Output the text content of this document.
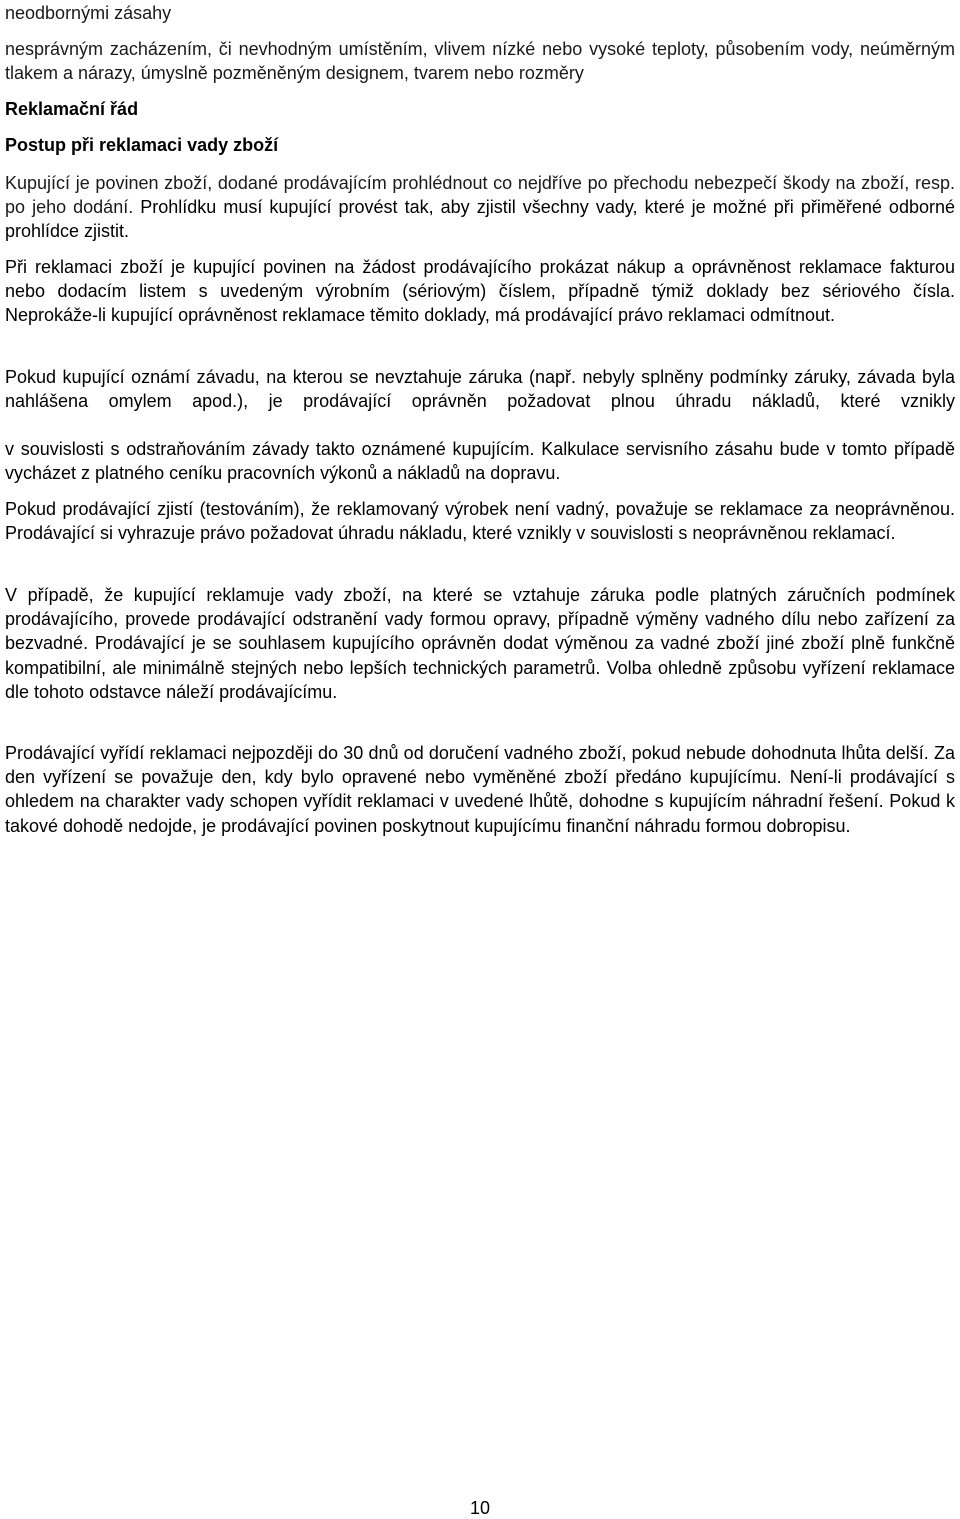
neodbornými zásahy

nesprávným zacházením, či nevhodným umístěním, vlivem nízké nebo vysoké teploty, působením vody, neúměrným tlakem a nárazy, úmyslně pozměněným designem, tvarem nebo rozměry

Reklamační řád

Postup při reklamaci vady zboží

Kupující je povinen zboží, dodané prodávajícím prohlédnout co nejdříve po přechodu nebezpečí škody na zboží, resp. po jeho dodání. Prohlídku musí kupující provést tak, aby zjistil všechny vady, které je možné při přiměřené odborné prohlídce zjistit.

Při reklamaci zboží je kupující povinen na žádost prodávajícího prokázat nákup a oprávněnost reklamace fakturou nebo dodacím listem s uvedeným výrobním (sériovým) číslem, případně týmiž doklady bez sériového čísla. Neprokáže-li kupující oprávněnost reklamace těmito doklady, má prodávající právo reklamaci odmítnout.

Pokud kupující oznámí závadu, na kterou se nevztahuje záruka (např. nebyly splněny podmínky záruky, závada byla nahlášena omylem apod.), je prodávající oprávněn požadovat plnou úhradu nákladů, které vznikly

v souvislosti s odstraňováním závady takto oznámené kupujícím. Kalkulace servisního zásahu bude v tomto případě vycházet z platného ceníku pracovních výkonů a nákladů na dopravu.

Pokud prodávající zjistí (testováním), že reklamovaný výrobek není vadný, považuje se reklamace za neoprávněnou. Prodávající si vyhrazuje právo požadovat úhradu nákladu, které vznikly v souvislosti s neoprávněnou reklamací.

V případě, že kupující reklamuje vady zboží, na které se vztahuje záruka podle platných záručních podmínek prodávajícího, provede prodávající odstranění vady formou opravy, případně výměny vadného dílu nebo zařízení za bezvadné. Prodávající je se souhlasem kupujícího oprávněn dodat výměnou za vadné zboží jiné zboží plně funkčně kompatibilní, ale minimálně stejných nebo lepších technických parametrů. Volba ohledně způsobu vyřízení reklamace dle tohoto odstavce náleží prodávajícímu.

Prodávající vyřídí reklamaci nejpozději do 30 dnů od doručení vadného zboží, pokud nebude dohodnuta lhůta delší. Za den vyřízení se považuje den, kdy bylo opravené nebo vyměněné zboží předáno kupujícímu. Není-li prodávající s ohledem na charakter vady schopen vyřídit reklamaci v uvedené lhůtě, dohodne s kupujícím náhradní řešení. Pokud k takové dohodě nedojde, je prodávající povinen poskytnout kupujícímu finanční náhradu formou dobropisu.

10
